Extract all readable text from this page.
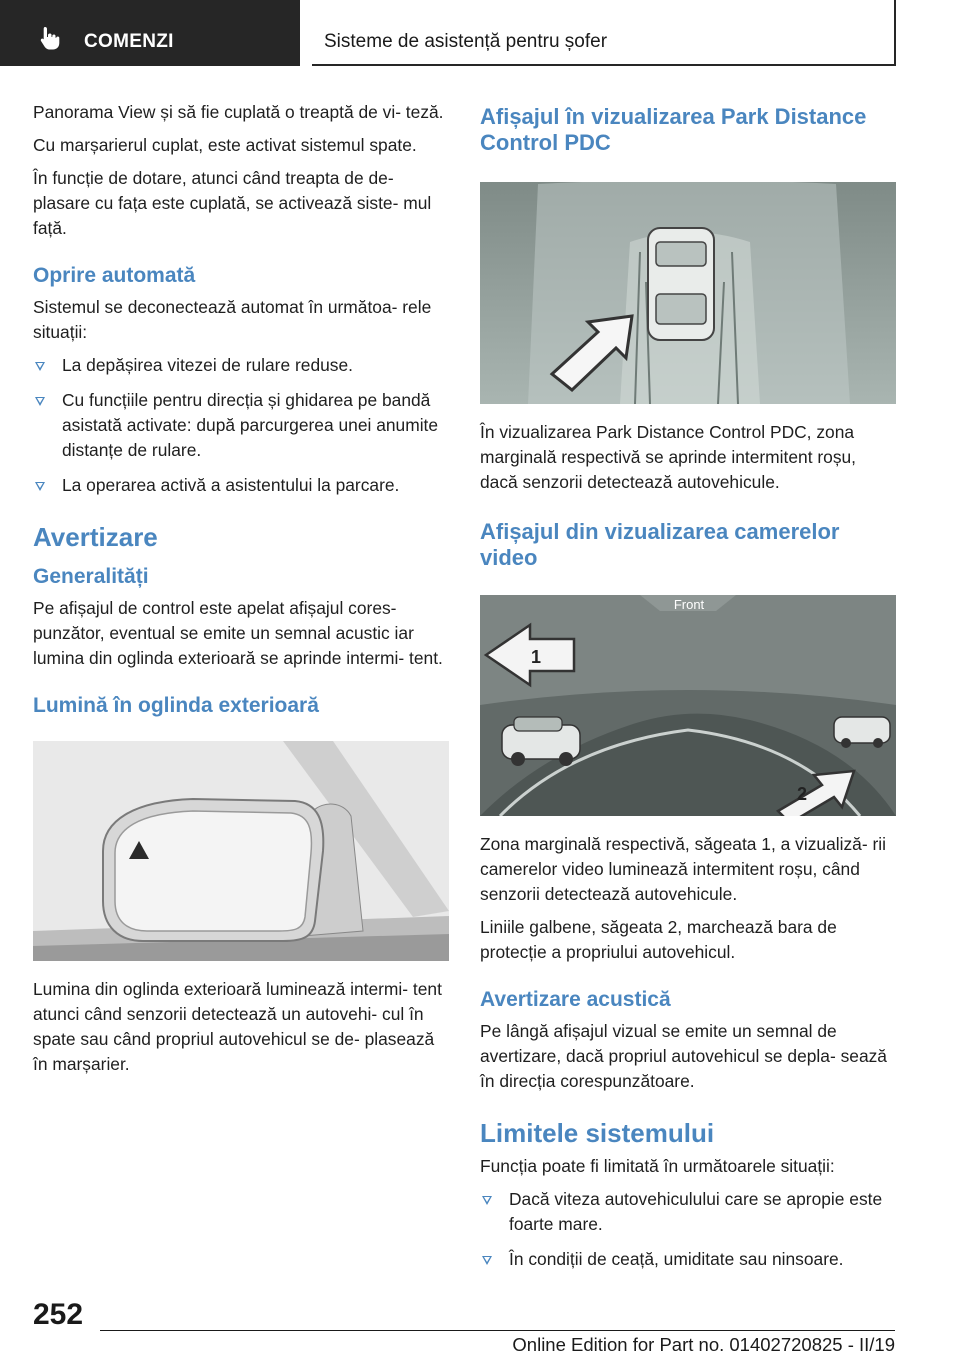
COMENZI	Sisteme de asistență pentru șofer

Panorama View și să fie cuplată o treaptă de vi‐ teză.

Cu marșarierul cuplat, este activat sistemul spate.

În funcție de dotare, atunci când treapta de de‐ plasare cu fața este cuplată, se activează siste‐ mul față.

Oprire automată

Sistemul se deconectează automat în următoa‐ rele situații:

La depășirea vitezei de rulare reduse.
Cu funcțiile pentru direcția și ghidarea pe bandă asistată activate: după parcurgerea unei anumite distanțe de rulare.
La operarea activă a asistentului la parcare.
Avertizare
Generalități

Pe afișajul de control este apelat afișajul cores‐ punzător, eventual se emite un semnal acustic iar lumina din oglinda exterioară se aprinde intermi‐ tent.

Lumină în oglinda exterioară

Lumina din oglinda exterioară luminează intermi‐ tent atunci când senzorii detectează un autovehi‐ cul în spate sau când propriul autovehicul se de‐ plasează în marșarier.

Afișajul în vizualizarea Park Distance Control PDC

În vizualizarea Park Distance Control PDC, zona marginală respectivă se aprinde intermitent roșu, dacă senzorii detectează autovehicule.

Afișajul din vizualizarea camerelor video
Front
1
2

Zona marginală respectivă, săgeata 1, a vizualiză‐ rii camerelor video luminează intermitent roșu, când senzorii detectează autovehicule.

Liniile galbene, săgeata 2, marchează bara de protecție a propriului autovehicul.

Avertizare acustică

Pe lângă afișajul vizual se emite un semnal de avertizare, dacă propriul autovehicul se depla‐ sează în direcția corespunzătoare.

Limitele sistemului

Funcția poate fi limitată în următoarele situații:

Dacă viteza autovehiculului care se apropie este foarte mare.
În condiții de ceață, umiditate sau ninsoare.
252
Online Edition for Part no. 01402720825 - II/19
